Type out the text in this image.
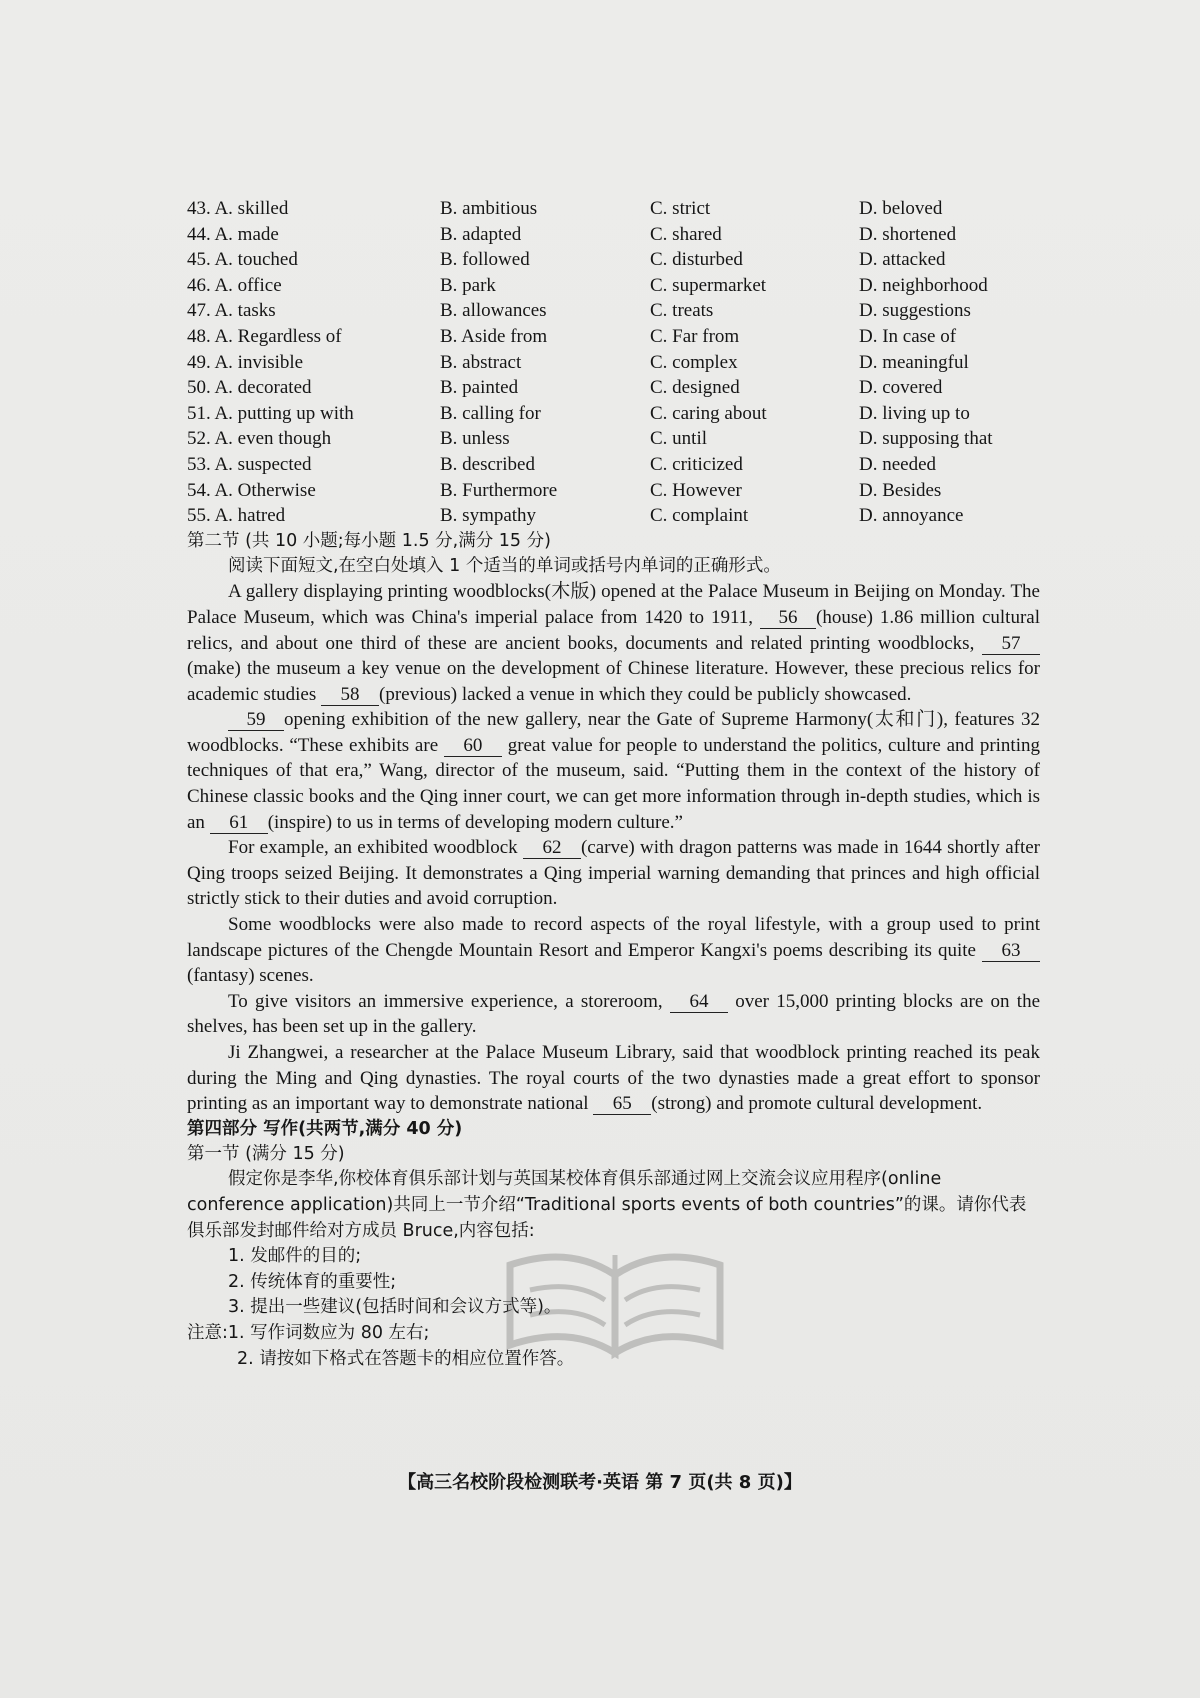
43. A. skilled	B. ambitious	C. strict	D. beloved
44. A. made	B. adapted	C. shared	D. shortened
45. A. touched	B. followed	C. disturbed	D. attacked
46. A. office	B. park	C. supermarket	D. neighborhood
47. A. tasks	B. allowances	C. treats	D. suggestions
48. A. Regardless of	B. Aside from	C. Far from	D. In case of
49. A. invisible	B. abstract	C. complex	D. meaningful
50. A. decorated	B. painted	C. designed	D. covered
51. A. putting up with	B. calling for	C. caring about	D. living up to
52. A. even though	B. unless	C. until	D. supposing that
53. A. suspected	B. described	C. criticized	D. needed
54. A. Otherwise	B. Furthermore	C. However	D. Besides
55. A. hatred	B. sympathy	C. complaint	D. annoyance
第二节 (共 10 小题;每小题 1.5 分,满分 15 分)

阅读下面短文,在空白处填入 1 个适当的单词或括号内单词的正确形式。

A gallery displaying printing woodblocks(木版) opened at the Palace Museum in Beijing on Monday. The Palace Museum, which was China's imperial palace from 1420 to 1911, 56 (house) 1.86 million cultural relics, and about one third of these are ancient books, documents and related printing woodblocks, 57(make) the museum a key venue on the development of Chinese literature. However, these precious relics for academic studies 58 (previous) lacked a venue in which they could be publicly showcased.

59 opening exhibition of the new gallery, near the Gate of Supreme Harmony(太和门), features 32 woodblocks. “These exhibits are 60 great value for people to understand the politics, culture and printing techniques of that era,” Wang, director of the museum, said. “Putting them in the context of the history of Chinese classic books and the Qing inner court, we can get more information through in-depth studies, which is an 61 (inspire) to us in terms of developing modern culture.”

For example, an exhibited woodblock 62 (carve) with dragon patterns was made in 1644 shortly after Qing troops seized Beijing. It demonstrates a Qing imperial warning demanding that princes and high official strictly stick to their duties and avoid corruption.

Some woodblocks were also made to record aspects of the royal lifestyle, with a group used to print landscape pictures of the Chengde Mountain Resort and Emperor Kangxi's poems describing its quite 63(fantasy) scenes.

To give visitors an immersive experience, a storeroom, 64 over 15,000 printing blocks are on the shelves, has been set up in the gallery.

Ji Zhangwei, a researcher at the Palace Museum Library, said that woodblock printing reached its peak during the Ming and Qing dynasties. The royal courts of the two dynasties made a great effort to sponsor printing as an important way to demonstrate national 65 (strong) and promote cultural development.

第四部分 写作(共两节,满分 40 分)
第一节 (满分 15 分)
假定你是李华,你校体育俱乐部计划与英国某校体育俱乐部通过网上交流会议应用程序(online conference application)共同上一节介绍“Traditional sports events of both countries”的课。请你代表俱乐部发封邮件给对方成员 Bruce,内容包括:
1. 发邮件的目的;
2. 传统体育的重要性;
3. 提出一些建议(包括时间和会议方式等)。
注意:1. 写作词数应为 80 左右;
2. 请按如下格式在答题卡的相应位置作答。
【高三名校阶段检测联考·英语 第 7 页(共 8 页)】
